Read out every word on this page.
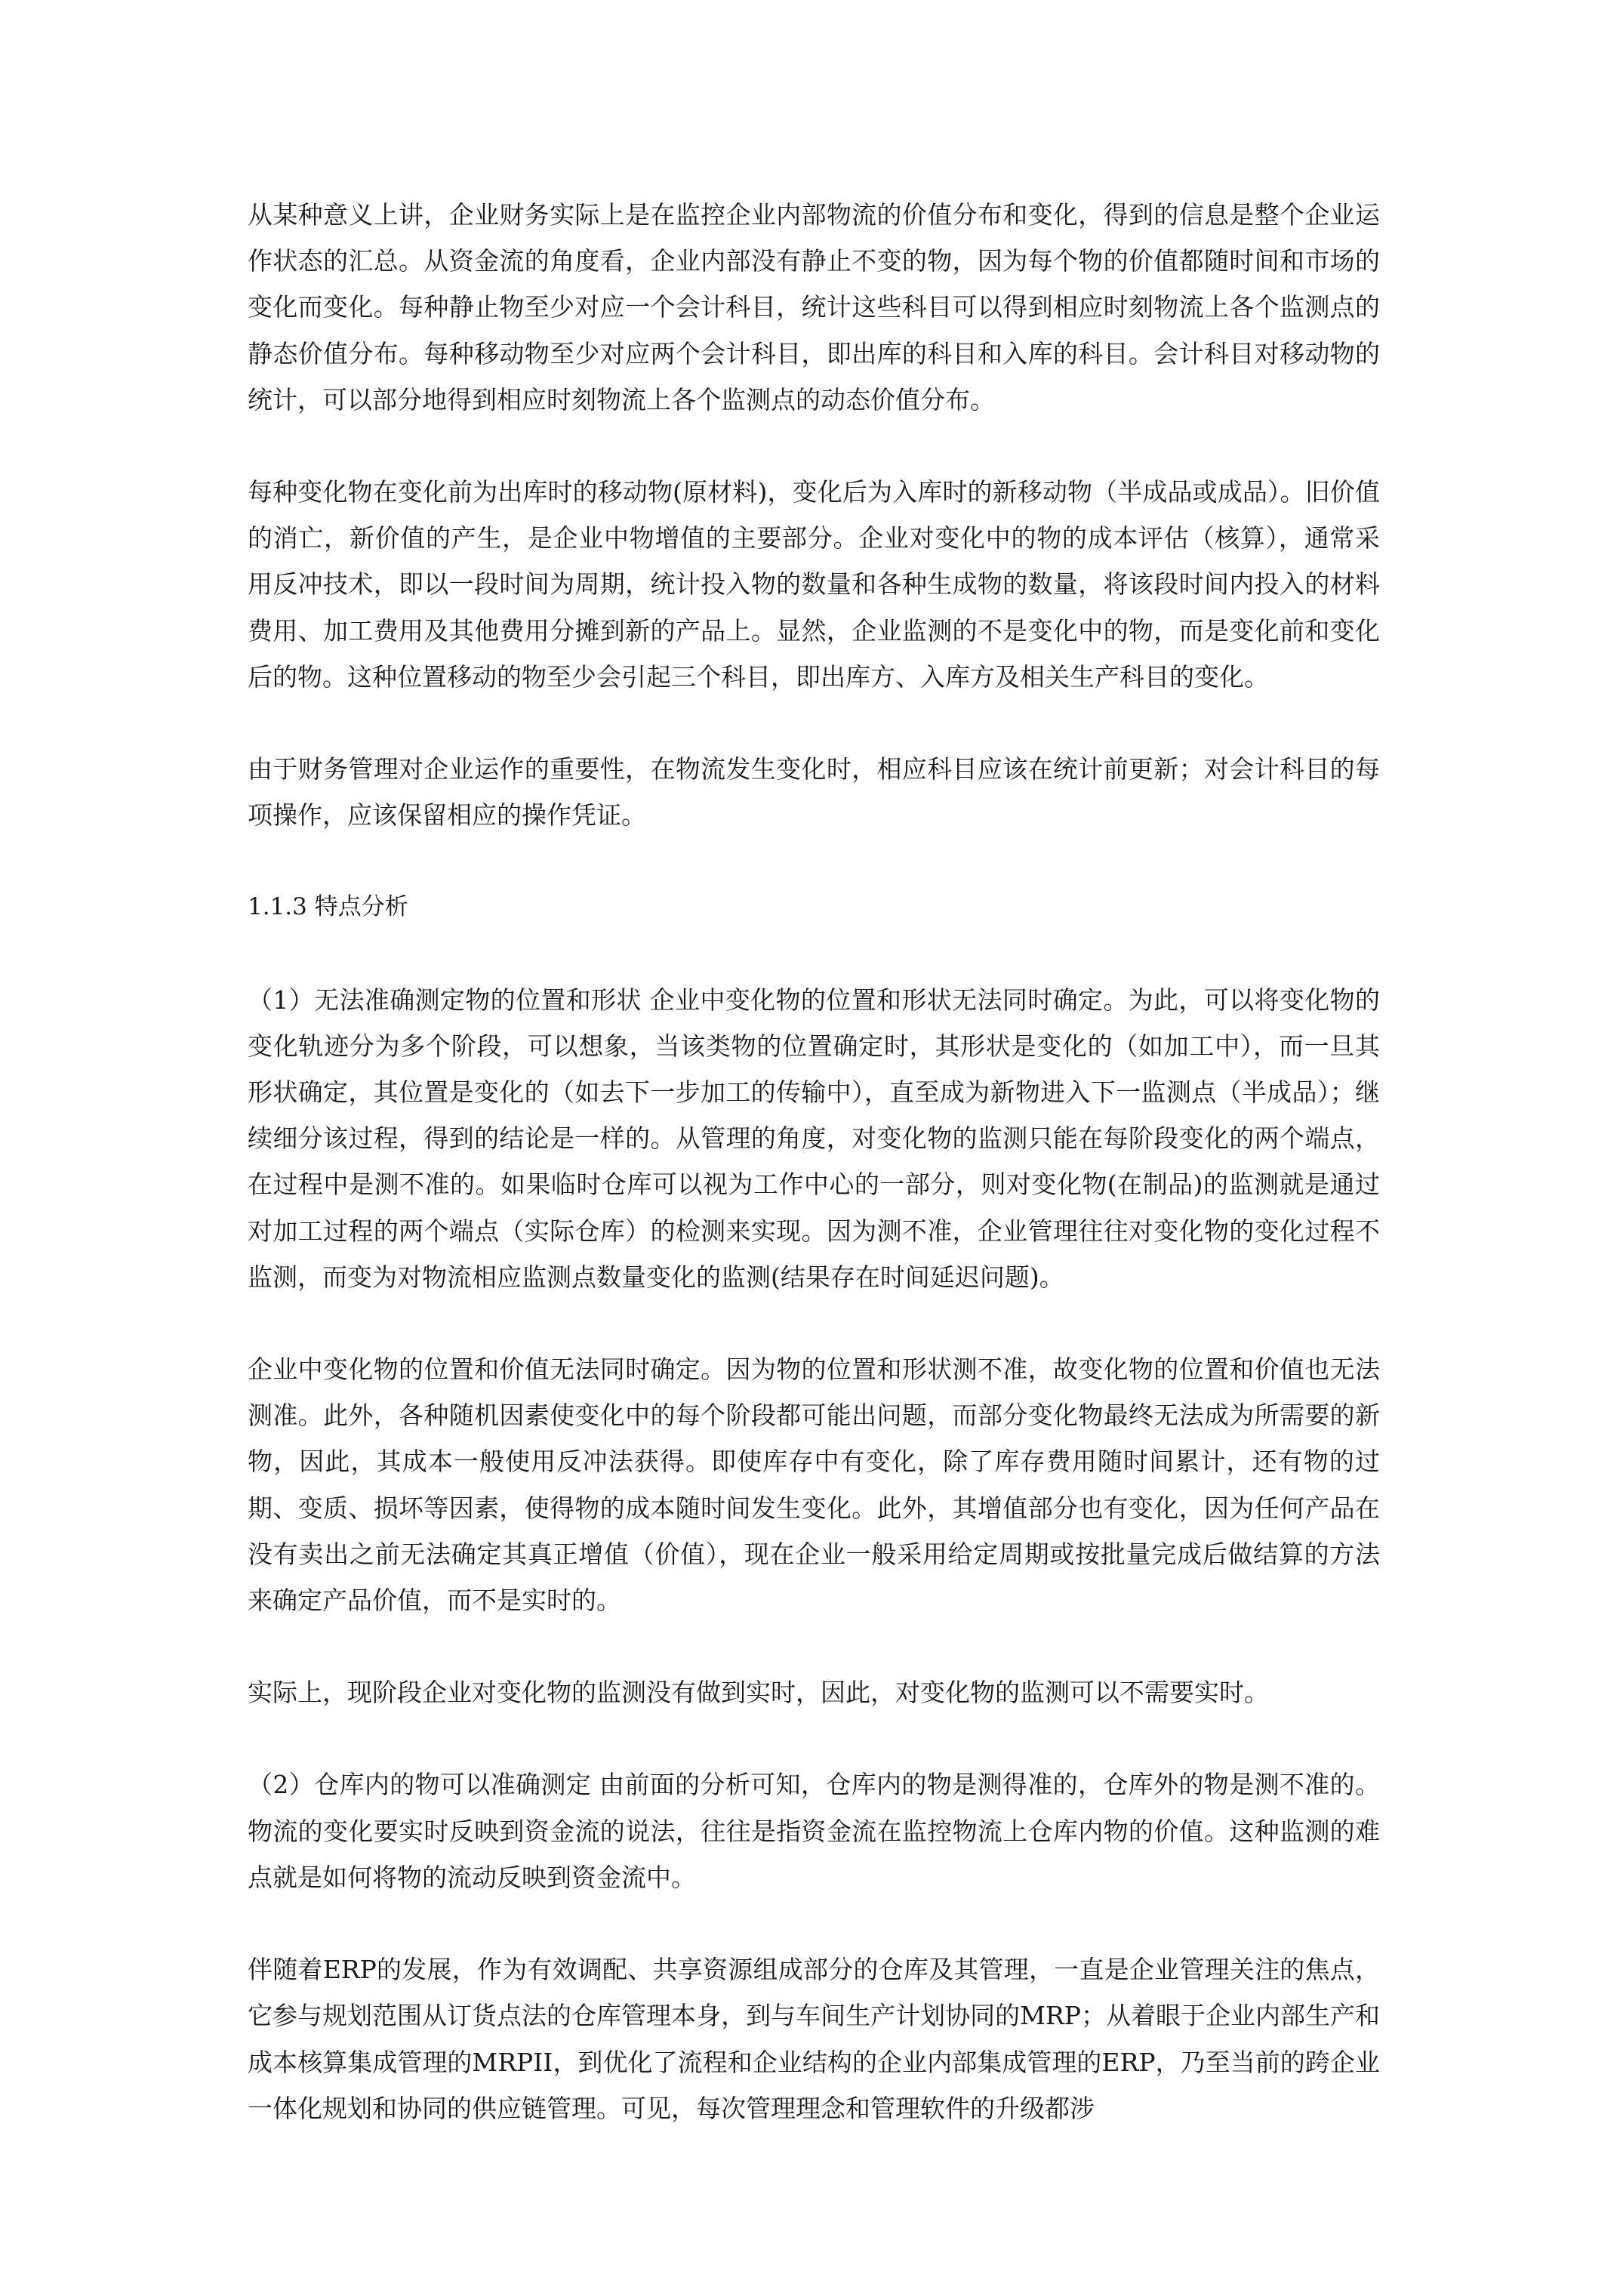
从某种意义上讲，企业财务实际上是在监控企业内部物流的价值分布和变化，得到的信息是整个企业运作状态的汇总。从资金流的角度看，企业内部没有静止不变的物，因为每个物的价值都随时间和市场的变化而变化。每种静止物至少对应一个会计科目，统计这些科目可以得到相应时刻物流上各个监测点的静态价值分布。每种移动物至少对应两个会计科目，即出库的科目和入库的科目。会计科目对移动物的统计，可以部分地得到相应时刻物流上各个监测点的动态价值分布。

每种变化物在变化前为出库时的移动物(原材料)，变化后为入库时的新移动物（半成品或成品）。旧价值的消亡，新价值的产生，是企业中物增值的主要部分。企业对变化中的物的成本评估（核算），通常采用反冲技术，即以一段时间为周期，统计投入物的数量和各种生成物的数量，将该段时间内投入的材料费用、加工费用及其他费用分摊到新的产品上。显然，企业监测的不是变化中的物，而是变化前和变化后的物。这种位置移动的物至少会引起三个科目，即出库方、入库方及相关生产科目的变化。

由于财务管理对企业运作的重要性，在物流发生变化时，相应科目应该在统计前更新；对会计科目的每项操作，应该保留相应的操作凭证。

1.1.3 特点分析

（1）无法准确测定物的位置和形状 企业中变化物的位置和形状无法同时确定。为此，可以将变化物的变化轨迹分为多个阶段，可以想象，当该类物的位置确定时，其形状是变化的（如加工中），而一旦其形状确定，其位置是变化的（如去下一步加工的传输中），直至成为新物进入下一监测点（半成品）；继续细分该过程，得到的结论是一样的。从管理的角度，对变化物的监测只能在每阶段变化的两个端点，在过程中是测不准的。如果临时仓库可以视为工作中心的一部分，则对变化物(在制品)的监测就是通过对加工过程的两个端点（实际仓库）的检测来实现。因为测不准，企业管理往往对变化物的变化过程不监测，而变为对物流相应监测点数量变化的监测(结果存在时间延迟问题)。

企业中变化物的位置和价值无法同时确定。因为物的位置和形状测不准，故变化物的位置和价值也无法测准。此外，各种随机因素使变化中的每个阶段都可能出问题，而部分变化物最终无法成为所需要的新物，因此，其成本一般使用反冲法获得。即使库存中有变化，除了库存费用随时间累计，还有物的过期、变质、损坏等因素，使得物的成本随时间发生变化。此外，其增值部分也有变化，因为任何产品在没有卖出之前无法确定其真正增值（价值），现在企业一般采用给定周期或按批量完成后做结算的方法来确定产品价值，而不是实时的。

实际上，现阶段企业对变化物的监测没有做到实时，因此，对变化物的监测可以不需要实时。

（2）仓库内的物可以准确测定 由前面的分析可知，仓库内的物是测得准的，仓库外的物是测不准的。物流的变化要实时反映到资金流的说法，往往是指资金流在监控物流上仓库内物的价值。这种监测的难点就是如何将物的流动反映到资金流中。

伴随着ERP的发展，作为有效调配、共享资源组成部分的仓库及其管理，一直是企业管理关注的焦点，它参与规划范围从订货点法的仓库管理本身，到与车间生产计划协同的MRP；从着眼于企业内部生产和成本核算集成管理的MRPII，到优化了流程和企业结构的企业内部集成管理的ERP，乃至当前的跨企业一体化规划和协同的供应链管理。可见，每次管理理念和管理软件的升级都涉
